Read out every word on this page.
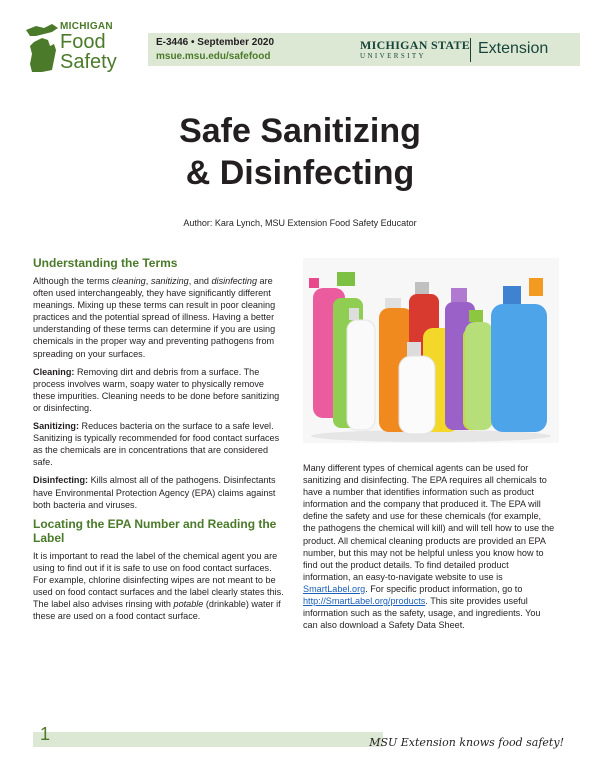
MICHIGAN
Food
Safety
E-3446 • September 2020
msue.msu.edu/safefood
MICHIGAN STATE
UNIVERSITY	Extension
Safe Sanitizing
& Disinfecting
Author: Kara Lynch, MSU Extension Food Safety Educator
Understanding the Terms

Although the terms cleaning, sanitizing, and disinfecting are often used interchangeably, they have significantly different meanings. Mixing up these terms can result in poor cleaning practices and the potential spread of illness. Having a better understanding of these terms can determine if you are using chemicals in the proper way and preventing pathogens from spreading on your surfaces.

Cleaning: Removing dirt and debris from a surface. The process involves warm, soapy water to physically remove these impurities. Cleaning needs to be done before sanitizing or disinfecting.

Sanitizing: Reduces bacteria on the surface to a safe level. Sanitizing is typically recommended for food contact surfaces as the chemicals are in concentrations that are considered safe.

Disinfecting: Kills almost all of the pathogens. Disinfectants have Environmental Protection Agency (EPA) claims against both bacteria and viruses.

Locating the EPA Number and Reading the Label

It is important to read the label of the chemical agent you are using to find out if it is safe to use on food contact surfaces. For example, chlorine disinfecting wipes are not meant to be used on food contact surfaces and the label clearly states this. The label also advises rinsing with potable (drinkable) water if these are used on a food contact surface.

Many different types of chemical agents can be used for sanitizing and disinfecting. The EPA requires all chemicals to have a number that identifies information such as product information and the company that produced it. The EPA will define the safety and use for these chemicals (for example, the pathogens the chemical will kill) and will tell how to use the product. All chemical cleaning products are provided an EPA number, but this may not be helpful unless you know how to find out the product details. To find detailed product information, an easy-to-navigate website to use is SmartLabel.org. For specific product information, go to http://SmartLabel.org/products. This site provides useful information such as the safety, usage, and ingredients. You can also download a Safety Data Sheet.

1	MSU Extension knows food safety!
